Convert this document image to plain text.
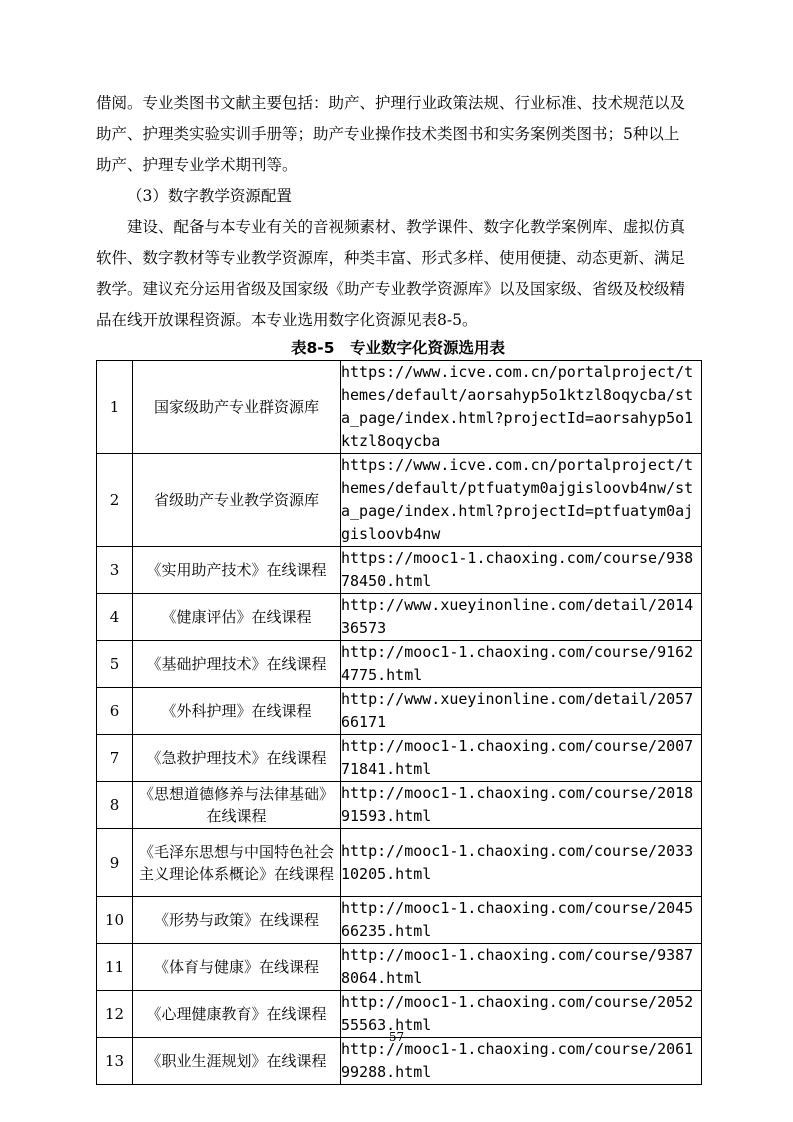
借阅。专业类图书文献主要包括：助产、护理行业政策法规、行业标准、技术规范以及
助产、护理类实验实训手册等；助产专业操作技术类图书和实务案例类图书；5种以上
助产、护理专业学术期刊等。
（3）数字教学资源配置
建设、配备与本专业有关的音视频素材、教学课件、数字化教学案例库、虚拟仿真
软件、数字教材等专业教学资源库，种类丰富、形式多样、使用便捷、动态更新、满足
教学。建议充分运用省级及国家级《助产专业教学资源库》以及国家级、省级及校级精
品在线开放课程资源。本专业选用数字化资源见表8-5。
表8-5　专业数字化资源选用表
1	国家级助产专业群资源库	https://www.icve.com.cn/portalproject/themes/default/aorsahyp5o1ktzl8oqycba/sta_page/index.html?projectId=aorsahyp5o1ktzl8oqycba
2	省级助产专业教学资源库	https://www.icve.com.cn/portalproject/themes/default/ptfuatym0ajgisloovb4nw/sta_page/index.html?projectId=ptfuatym0ajgisloovb4nw
3	《实用助产技术》在线课程	https://mooc1-1.chaoxing.com/course/93878450.html
4	《健康评估》在线课程	http://www.xueyinonline.com/detail/201436573
5	《基础护理技术》在线课程	http://mooc1-1.chaoxing.com/course/91624775.html
6	《外科护理》在线课程	http://www.xueyinonline.com/detail/205766171
7	《急救护理技术》在线课程	http://mooc1-1.chaoxing.com/course/200771841.html
8	《思想道德修养与法律基础》在线课程	http://mooc1-1.chaoxing.com/course/201891593.html
9	《毛泽东思想与中国特色社会主义理论体系概论》在线课程	http://mooc1-1.chaoxing.com/course/203310205.html
10	《形势与政策》在线课程	http://mooc1-1.chaoxing.com/course/204566235.html
11	《体育与健康》在线课程	http://mooc1-1.chaoxing.com/course/93878064.html
12	《心理健康教育》在线课程	http://mooc1-1.chaoxing.com/course/205255563.html
13	《职业生涯规划》在线课程	http://mooc1-1.chaoxing.com/course/206199288.html
57
